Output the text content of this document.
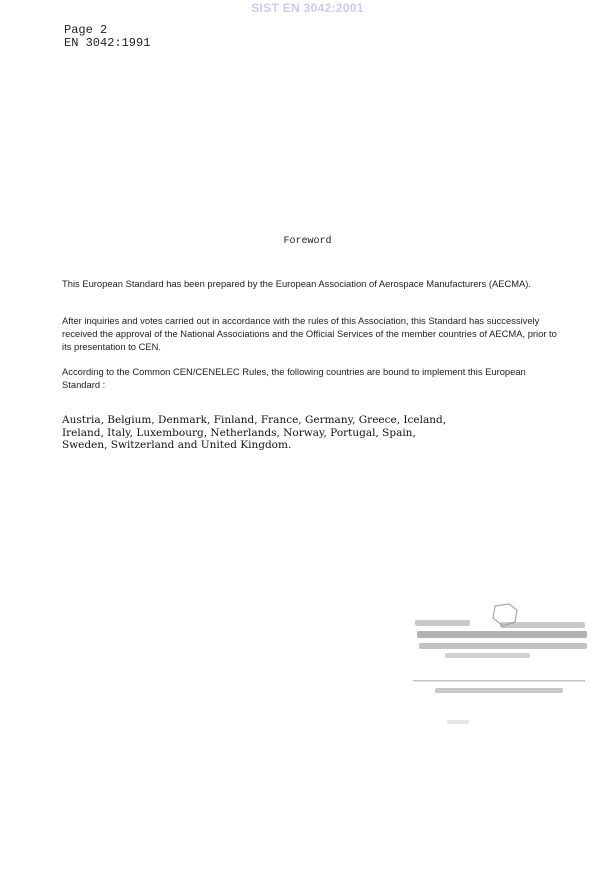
SIST EN 3042:2001
Page 2
EN 3042:1991
Foreword
This European Standard has been prepared by the European Association of Aerospace Manufacturers (AECMA).
After inquiries and votes carried out in accordance with the rules of this Association, this Standard has successively received the approval of the National Associations and the Official Services of the member countries of AECMA, prior to its presentation to CEN.
According to the Common CEN/CENELEC Rules, the following countries are bound to implement this European Standard :
Austria, Belgium, Denmark, Finland, France, Germany, Greece, Iceland,
Ireland, Italy, Luxembourg, Netherlands, Norway, Portugal, Spain,
Sweden, Switzerland and United Kingdom.
